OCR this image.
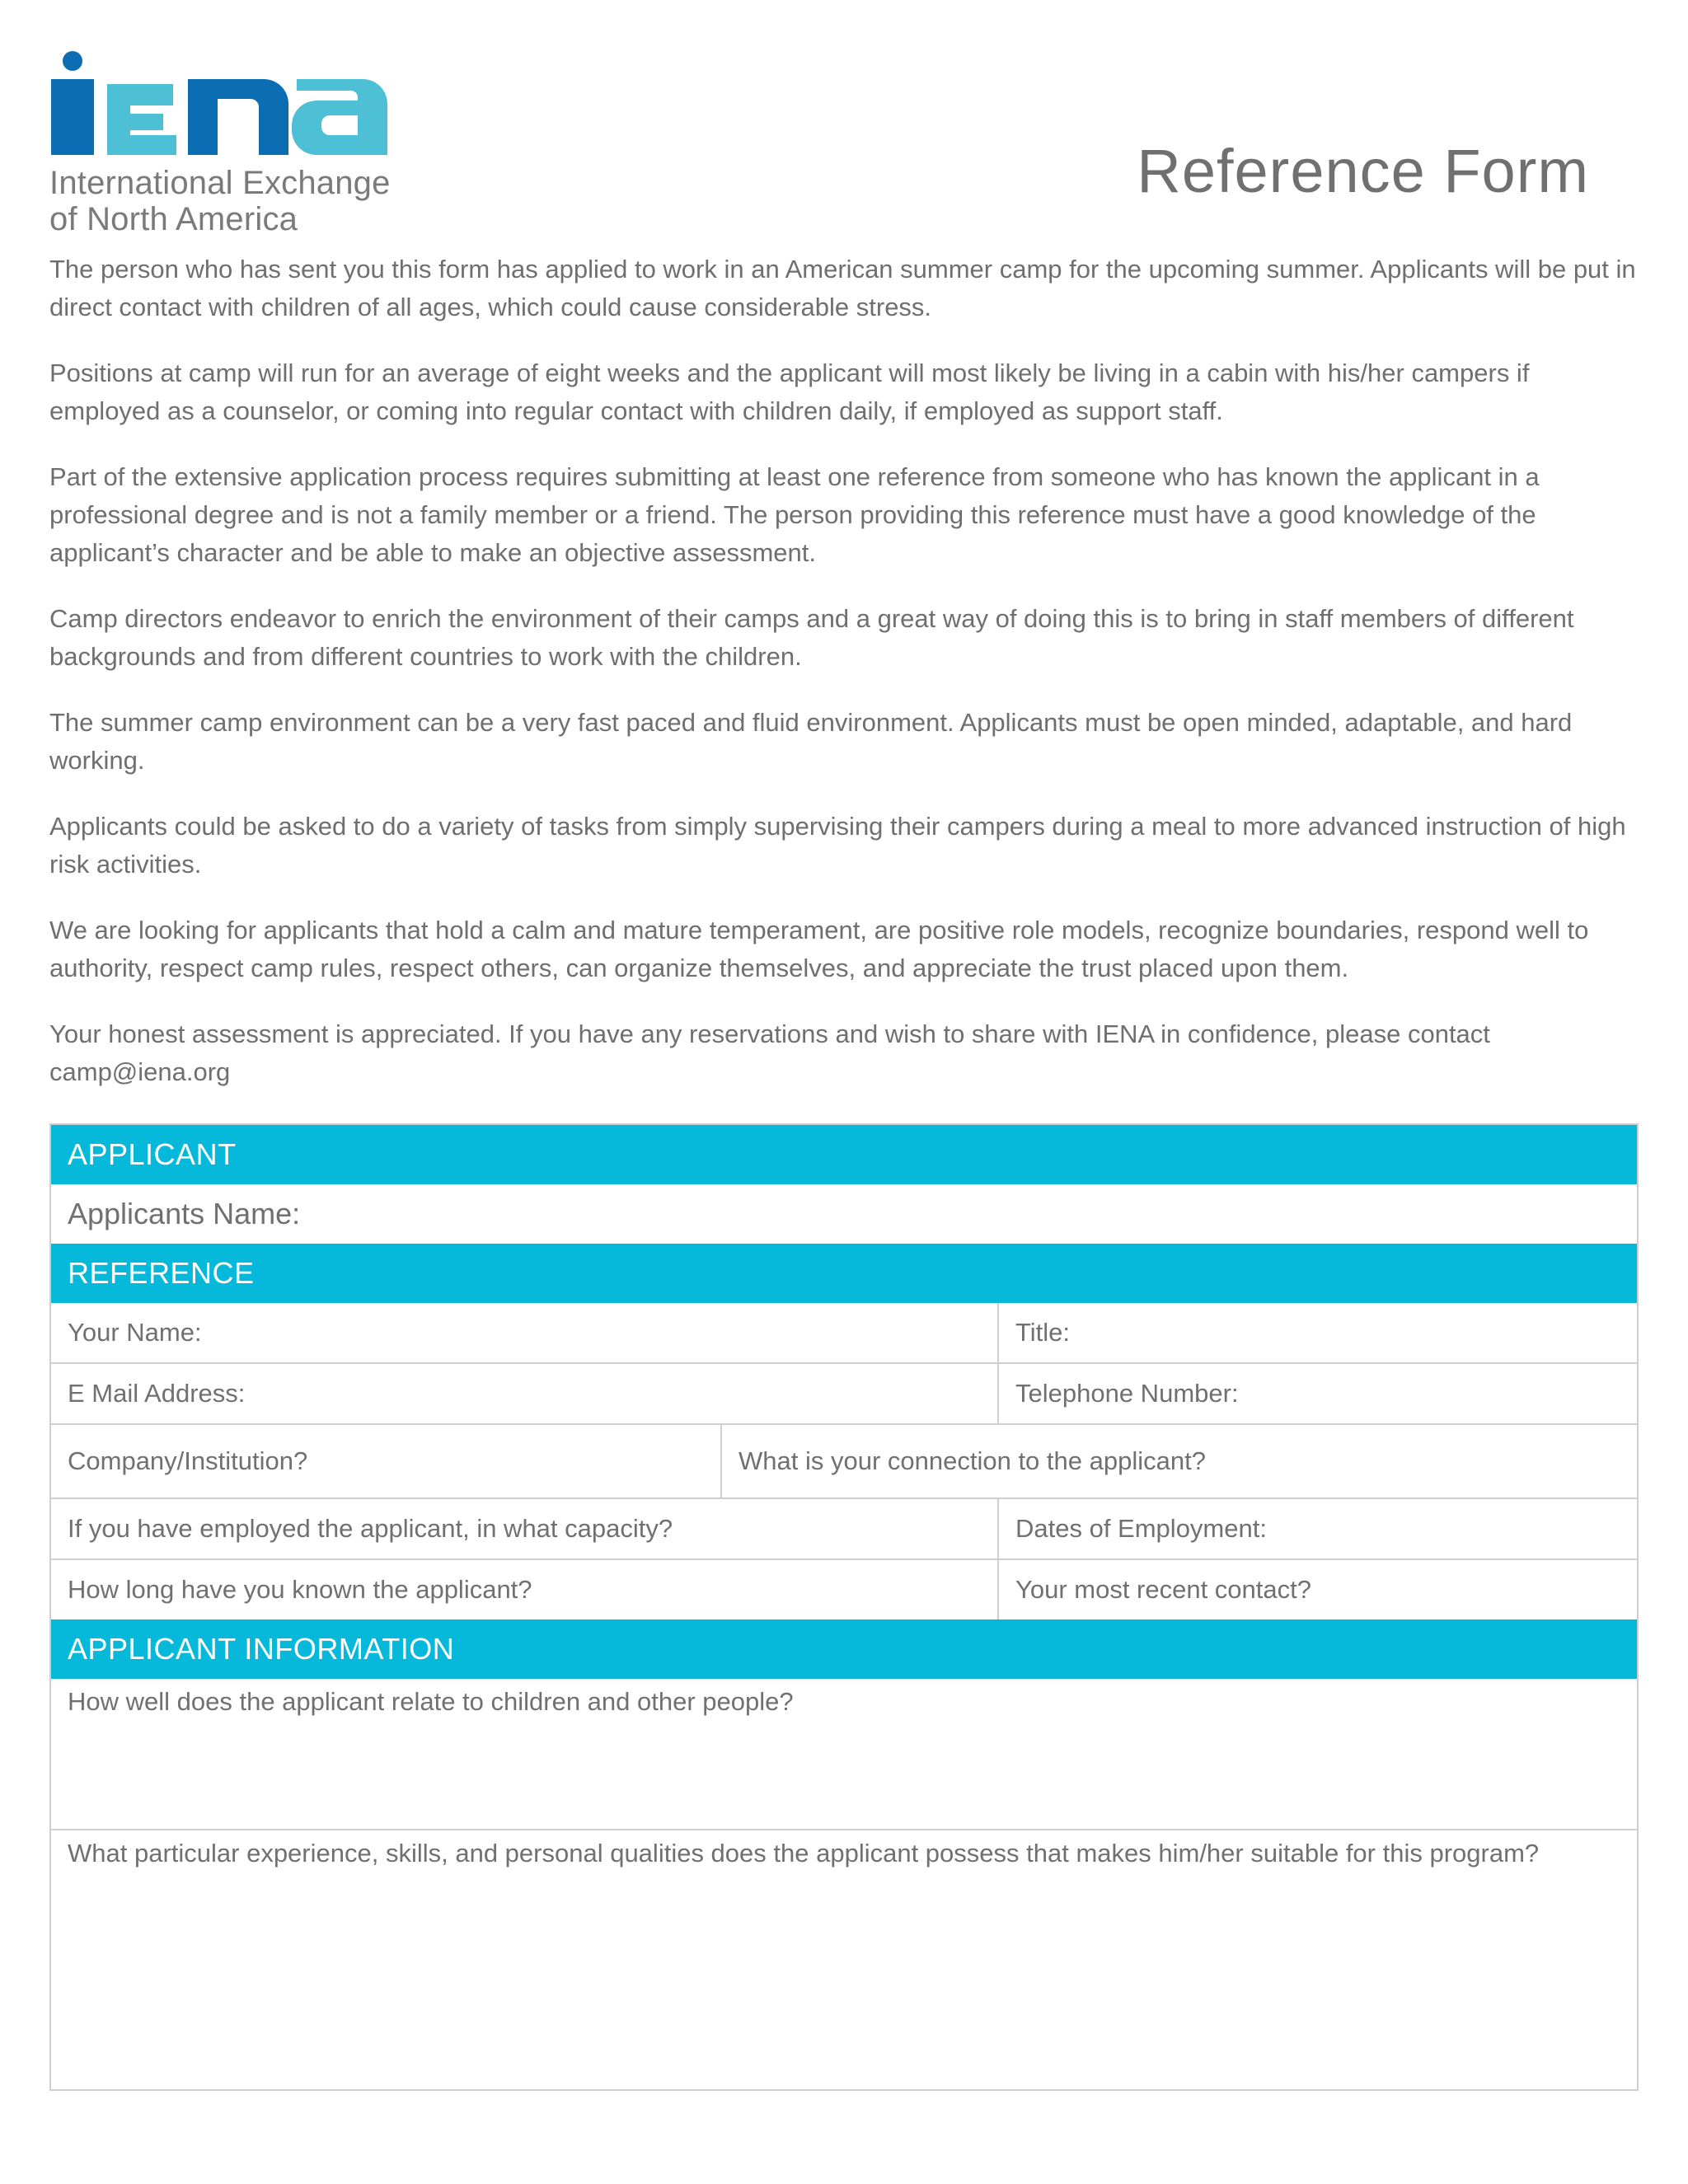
International Exchange
of North America
Reference Form

The person who has sent you this form has applied to work in an American summer camp for the upcoming summer. Applicants will be put in direct contact with children of all ages, which could cause considerable stress.

Positions at camp will run for an average of eight weeks and the applicant will most likely be living in a cabin with his/her campers if employed as a counselor, or coming into regular contact with children daily, if employed as support staff.

Part of the extensive application process requires submitting at least one reference from someone who has known the applicant in a professional degree and is not a family member or a friend. The person providing this reference must have a good knowledge of the applicant’s character and be able to make an objective assessment.

Camp directors endeavor to enrich the environment of their camps and a great way of doing this is to bring in staff members of different backgrounds and from different countries to work with the children.

The summer camp environment can be a very fast paced and fluid environment. Applicants must be open minded, adaptable, and hard working.

Applicants could be asked to do a variety of tasks from simply supervising their campers during a meal to more advanced instruction of high risk activities.

We are looking for applicants that hold a calm and mature temperament, are positive role models, recognize boundaries, respond well to authority, respect camp rules, respect others, can organize themselves, and appreciate the trust placed upon them.

Your honest assessment is appreciated. If you have any reservations and wish to share with IENA in confidence, please contact camp@iena.org

APPLICANT
Applicants Name:
REFERENCE
Your Name:	Title:
E Mail Address:	Telephone Number:
Company/Institution?	What is your connection to the applicant?
If you have employed the applicant, in what capacity?	Dates of Employment:
How long have you known the applicant?	Your most recent contact?
APPLICANT INFORMATION
How well does the applicant relate to children and other people?
What particular experience, skills, and personal qualities does the applicant possess that makes him/her suitable for this program?
